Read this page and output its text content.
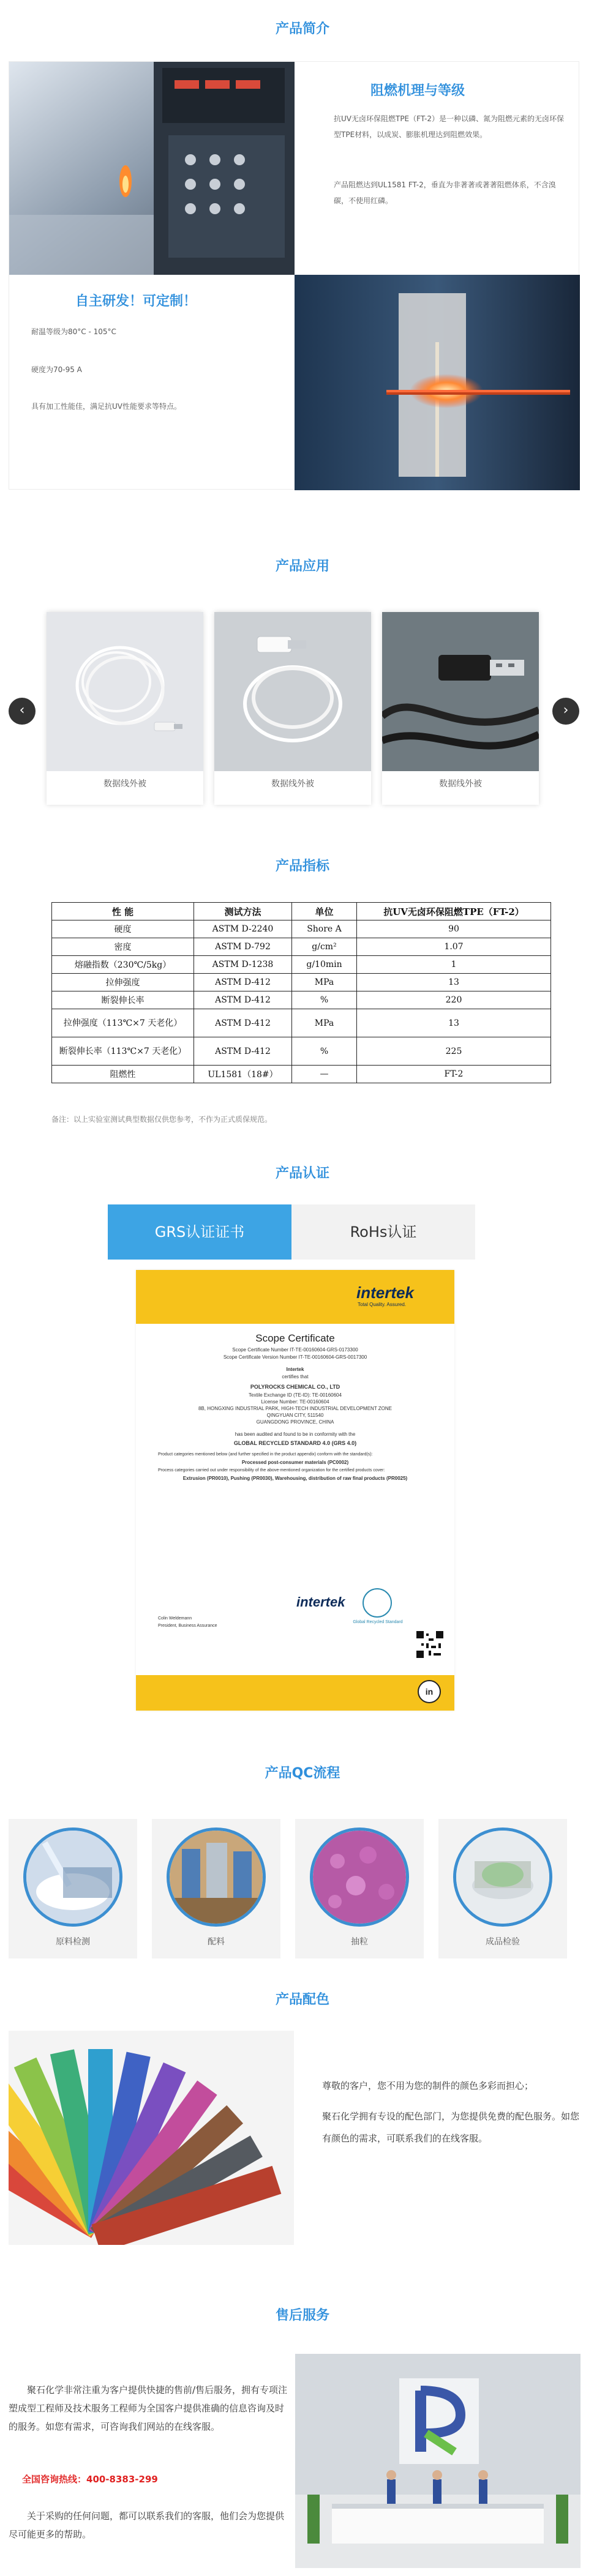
产品简介
阻燃机理与等级
抗UV无卤环保阻燃TPE（FT-2）是一种以磷、氮为阻燃元素的无卤环保型TPE材料，以成炭、膨胀机理达到阻燃效果。
产品阻燃达到UL1581 FT-2，垂直为非著著或著著阻燃体系，不含溴碳，不使用红磷。
自主研发！可定制！
耐温等级为80°C - 105°C
硬度为70-95 A
具有加工性能佳，满足抗UV性能要求等特点。
产品应用
‹	›
数据线外被	数据线外被	数据线外被
产品指标
性 能	测试方法	单位	抗UV无卤环保阻燃TPE（FT-2）
硬度	ASTM D-2240	Shore A	90
密度	ASTM D-792	g/cm²	1.07
熔融指数（230℃/5kg）	ASTM D-1238	g/10min	1
拉伸强度	ASTM D-412	MPa	13
断裂伸长率	ASTM D-412	%	220
拉伸强度（113℃×7 天老化）	ASTM D-412	MPa	13
断裂伸长率（113℃×7 天老化）	ASTM D-412	%	225
阻燃性	UL1581（18#）	—	FT-2
备注：以上实验室测试典型数据仅供您参考，不作为正式质保规范。
产品认证
GRS认证证书	RoHs认证
intertek
Total Quality. Assured.
Scope Certificate
Scope Certificate Number IT-TE-00160604-GRS-0173300
Scope Certificate Version Number IT-TE-00160604-GRS-0017300
Intertek
certifies that
POLYROCKS CHEMICAL CO., LTD
Textile Exchange ID (TE-ID): TE-00160604
License Number: TE-00160604
8B, HONGXING INDUSTRIAL PARK, HIGH-TECH INDUSTRIAL DEVELOPMENT ZONE
QINGYUAN CITY, 511540
GUANGDONG PROVINCE, CHINA
has been audited and found to be in conformity with the
GLOBAL RECYCLED STANDARD 4.0 (GRS 4.0)
Product categories mentioned below (and further specified in the product appendix) conform with the standard(s):
Processed post-consumer materials (PC0002)
Process categories carried out under responsibility of the above-mentioned organization for the certified products cover:
Extrusion (PR0010), Pushing (PR0030), Warehousing, distribution of raw final products (PR0025)
Colin Weldemann
President, Business Assurance
intertek
Global Recycled Standard
in
产品QC流程
原料检测	配料	抽粒	成品检验
产品配色
尊敬的客户，您不用为您的制件的颜色多彩而担心；
聚石化学拥有专设的配色部门，为您提供免费的配色服务。如您有颜色的需求，可联系我们的在线客服。
售后服务
聚石化学非常注重为客户提供快捷的售前/售后服务，拥有专项注塑成型工程师及技术服务工程师为全国客户提供准确的信息咨询及时的服务。如您有需求，可咨询我们网站的在线客服。
全国咨询热线：400-8383-299
关于采购的任何问题，都可以联系我们的客服，他们会为您提供尽可能更多的帮助。
